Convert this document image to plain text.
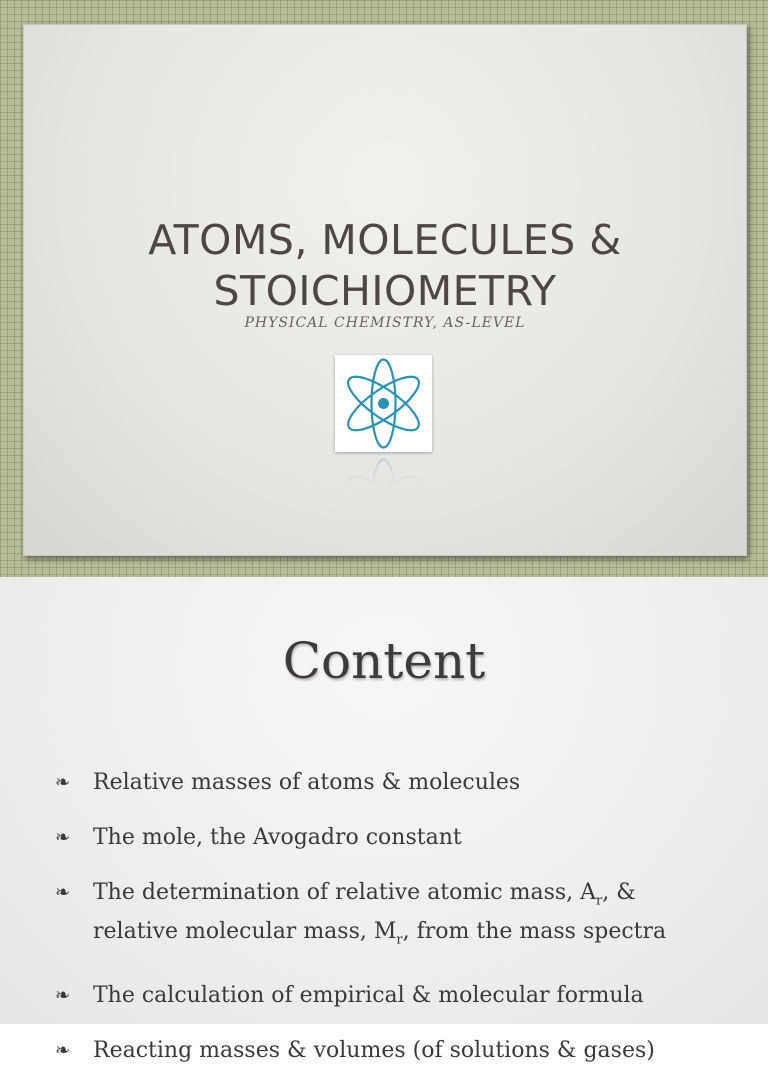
ATOMS, MOLECULES &
STOICHIOMETRY
PHYSICAL CHEMISTRY, AS-LEVEL
Content
❧ Relative masses of atoms & molecules
❧ The mole, the Avogadro constant
❧ The determination of relative atomic mass, $A_r$, &
relative molecular mass, $M_r$, from the mass spectra
❧ The calculation of empirical & molecular formula
❧ Reacting masses & volumes (of solutions & gases)
